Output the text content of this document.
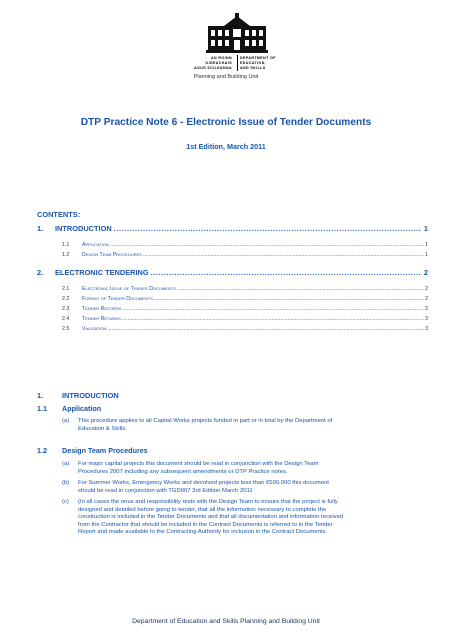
AN ROINN
OIDEACHAIS
AGUS SCILEANNA
DEPARTMENT OF
EDUCATION
AND SKILLS
Planning and Building Unit
DTP Practice Note 6 - Electronic Issue of Tender Documents
1st Edition, March 2011
CONTENTS:
1.	INTRODUCTION .....	1
1.1	Application .....	1
1.2	Design Team Procedures .....	1
2.	ELECTRONIC TENDERING .....	2
2.1	Electronic Issue of Tender Documents .....	2
2.2	Format of Tender Documents .....	2
2.3	Tender Records .....	2
2.4	Tender Returns .....	3
2.5	Validation .....	3
1.	INTRODUCTION
1.1 Application
(a) This procedure applies to all Capital Works projects funded in part or in total by the Department of
Education & Skills.
1.2 Design Team Procedures
(a) For major capital projects this document should be read in conjunction with the Design Team
Procedures 2007 including any subsequent amendments or DTP Practice notes.
(b) For Summer Works, Emergency Works and devolved projects less than €500,000 this document
should be read in conjunction with TGD007 3rd Edition March 2011
(c) (In all cases the onus and responsibility rests with the Design Team to ensure that the project is fully
designed and detailed before going to tender, that all the information necessary to complete the
construction is included in the Tender Documents and that all documentation and information received
from the Contractor that should be included in the Contract Documents is referred to in the Tender
Report and made available to the Contracting Authority for inclusion in the Contract Documents.
Department of Education and Skills Planning and Building Unit
